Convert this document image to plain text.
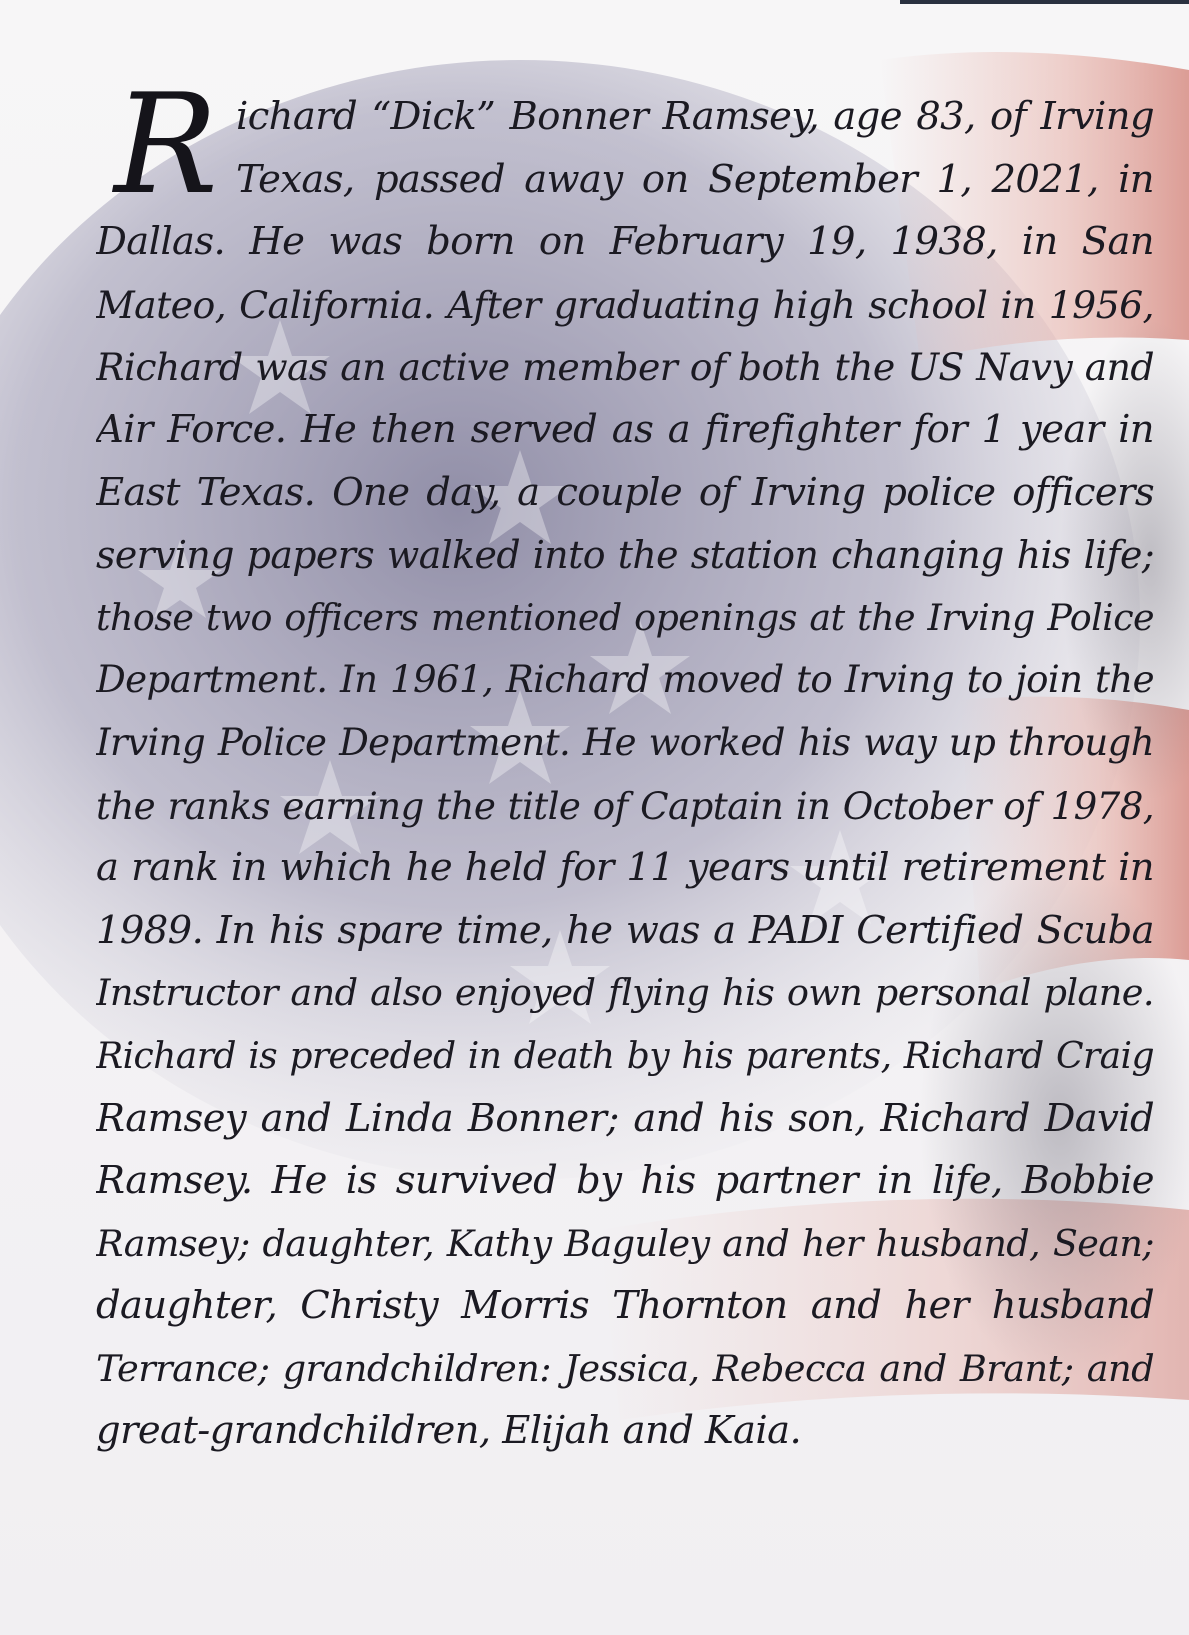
R ichard “Dick” Bonner Ramsey, age 83, of Irving
Texas, passed away on September 1, 2021, in
Dallas. He was born on February 19, 1938, in San
Mateo, California. After graduating high school in 1956,
Richard was an active member of both the US Navy and
Air Force. He then served as a firefighter for 1 year in
East Texas. One day, a couple of Irving police officers
serving papers walked into the station changing his life;
those two officers mentioned openings at the Irving Police
Department. In 1961, Richard moved to Irving to join the
Irving Police Department. He worked his way up through
the ranks earning the title of Captain in October of 1978,
a rank in which he held for 11 years until retirement in
1989. In his spare time, he was a PADI Certified Scuba
Instructor and also enjoyed flying his own personal plane.
Richard is preceded in death by his parents, Richard Craig
Ramsey and Linda Bonner; and his son, Richard David
Ramsey. He is survived by his partner in life, Bobbie
Ramsey; daughter, Kathy Baguley and her husband, Sean;
daughter, Christy Morris Thornton and her husband
Terrance; grandchildren: Jessica, Rebecca and Brant; and
great-grandchildren, Elijah and Kaia.
